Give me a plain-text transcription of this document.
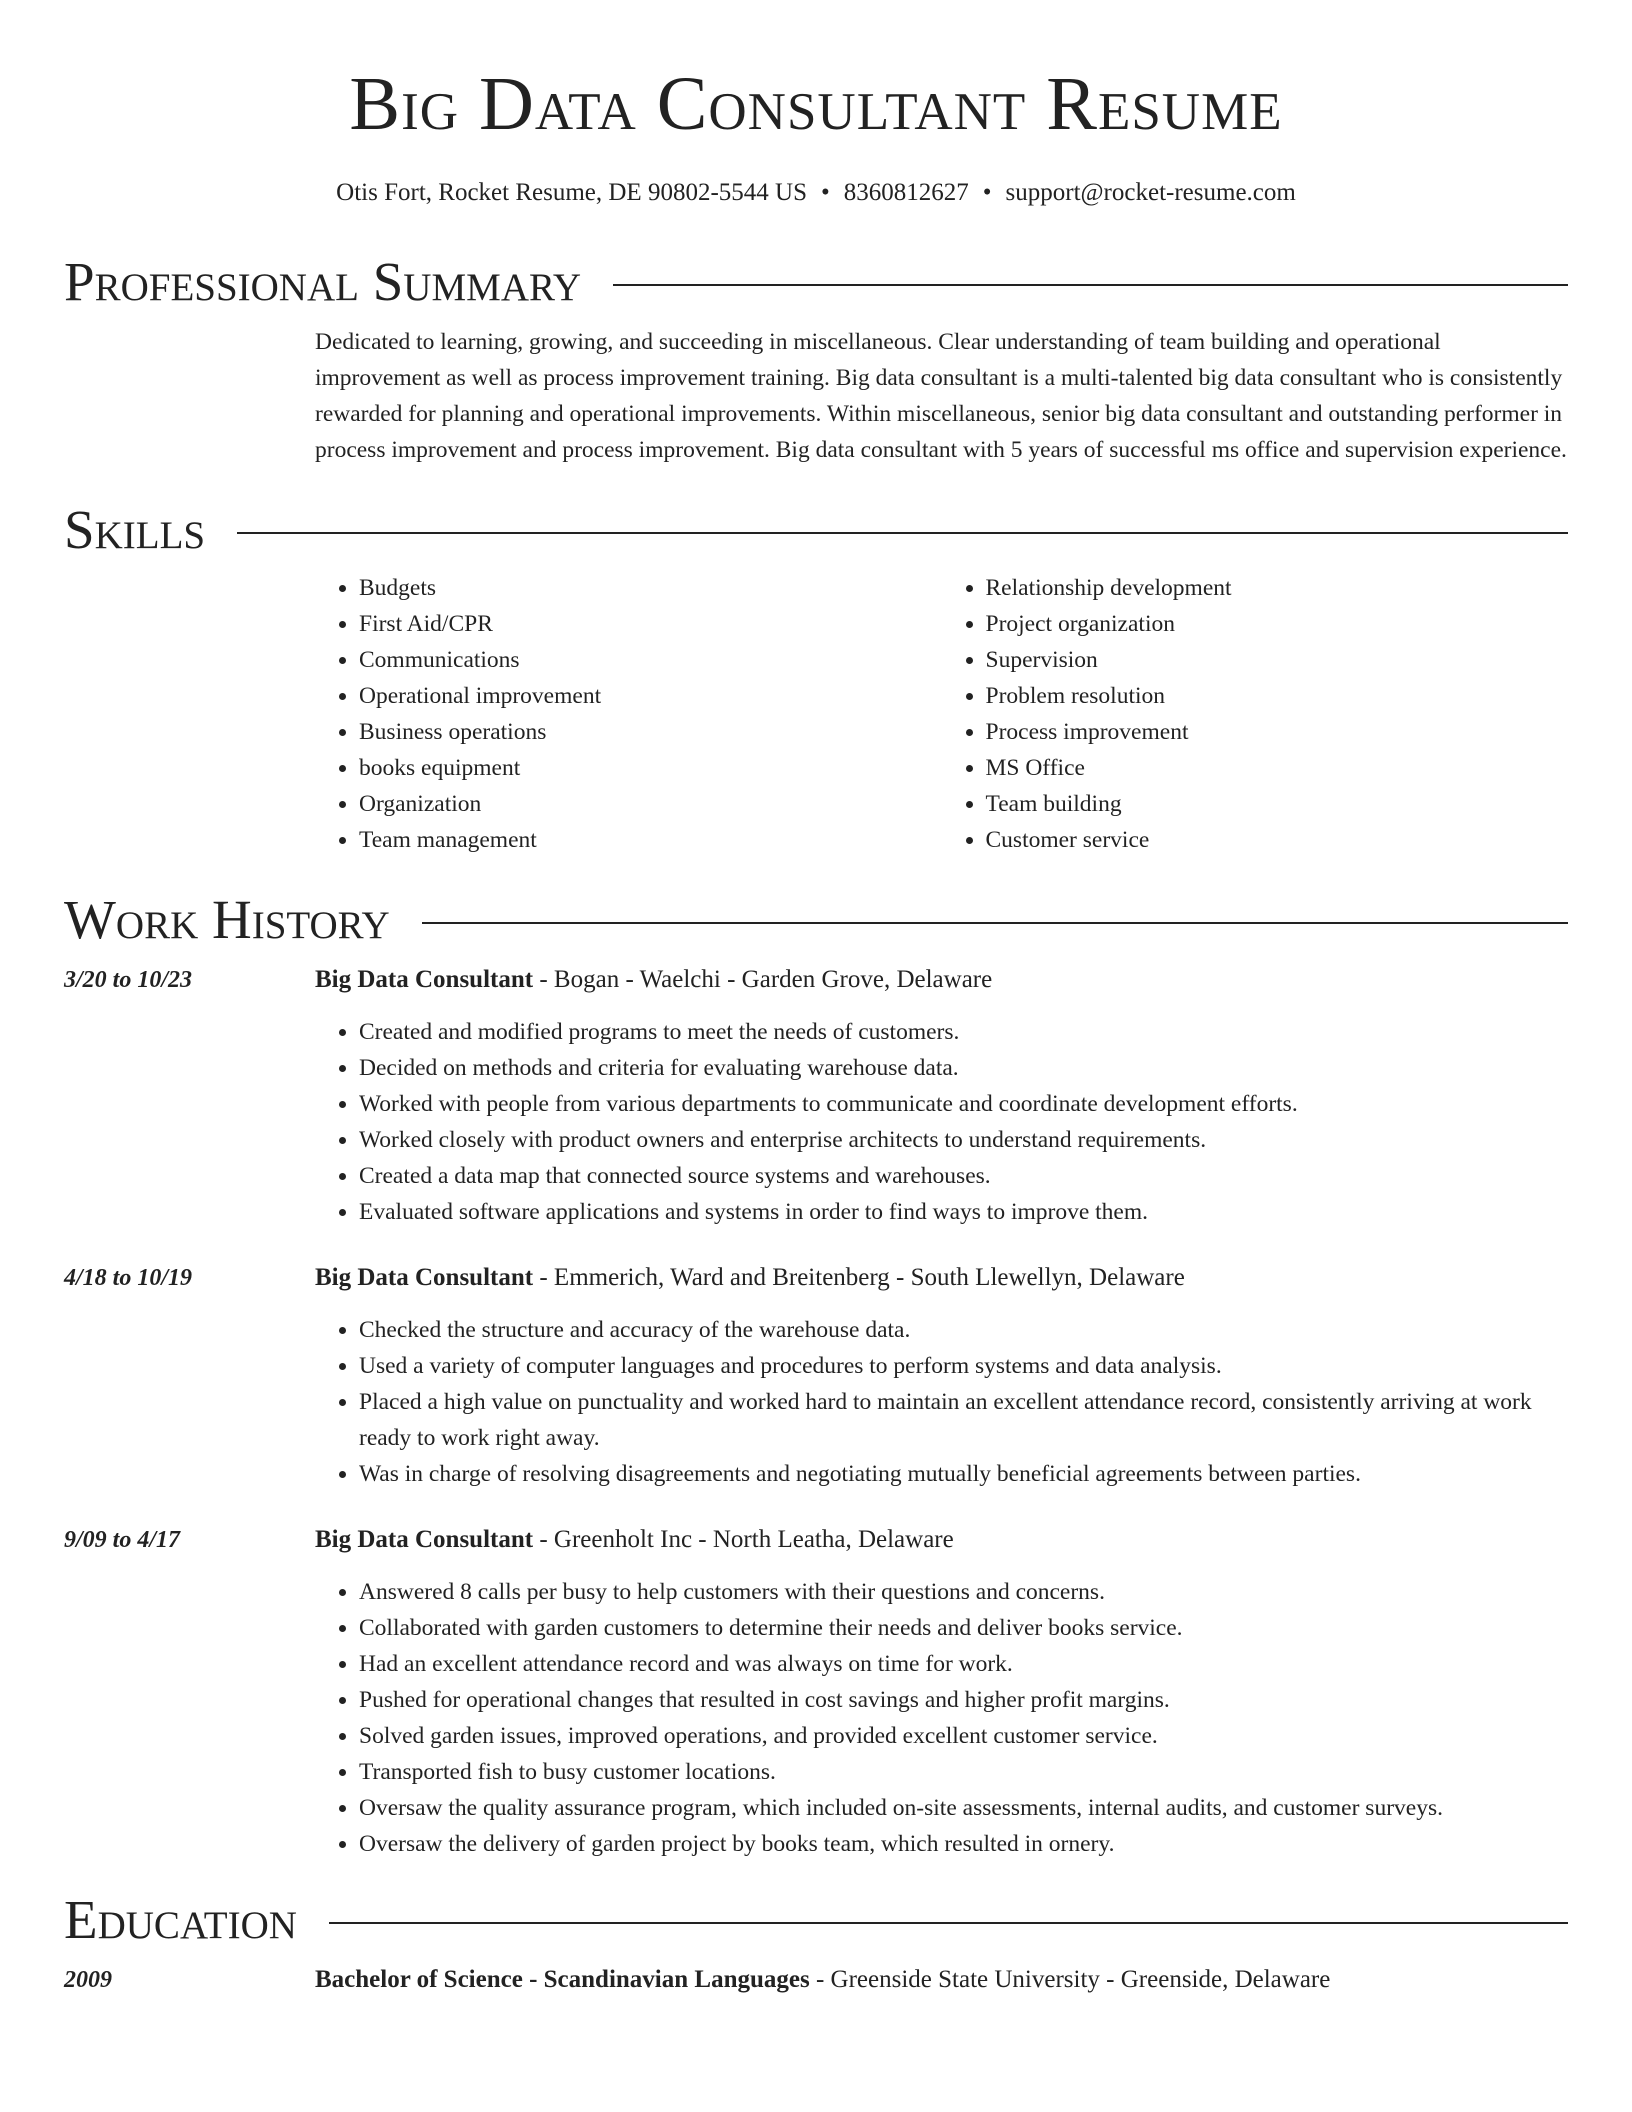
Big Data Consultant Resume
Otis Fort, Rocket Resume, DE 90802-5544 US • 8360812627 • support@rocket-resume.com
Professional Summary
Dedicated to learning, growing, and succeeding in miscellaneous. Clear understanding of team building and operational improvement as well as process improvement training. Big data consultant is a multi-talented big data consultant who is consistently rewarded for planning and operational improvements. Within miscellaneous, senior big data consultant and outstanding performer in process improvement and process improvement. Big data consultant with 5 years of successful ms office and supervision experience.
Skills
• Budgets
• First Aid/CPR
• Communications
• Operational improvement
• Business operations
• books equipment
• Organization
• Team management
• Relationship development
• Project organization
• Supervision
• Problem resolution
• Process improvement
• MS Office
• Team building
• Customer service
Work History
3/20 to 10/23	Big Data Consultant - Bogan - Waelchi - Garden Grove, Delaware
• Created and modified programs to meet the needs of customers.
• Decided on methods and criteria for evaluating warehouse data.
• Worked with people from various departments to communicate and coordinate development efforts.
• Worked closely with product owners and enterprise architects to understand requirements.
• Created a data map that connected source systems and warehouses.
• Evaluated software applications and systems in order to find ways to improve them.
4/18 to 10/19	Big Data Consultant - Emmerich, Ward and Breitenberg - South Llewellyn, Delaware
• Checked the structure and accuracy of the warehouse data.
• Used a variety of computer languages and procedures to perform systems and data analysis.
• Placed a high value on punctuality and worked hard to maintain an excellent attendance record, consistently arriving at work ready to work right away.
• Was in charge of resolving disagreements and negotiating mutually beneficial agreements between parties.
9/09 to 4/17	Big Data Consultant - Greenholt Inc - North Leatha, Delaware
• Answered 8 calls per busy to help customers with their questions and concerns.
• Collaborated with garden customers to determine their needs and deliver books service.
• Had an excellent attendance record and was always on time for work.
• Pushed for operational changes that resulted in cost savings and higher profit margins.
• Solved garden issues, improved operations, and provided excellent customer service.
• Transported fish to busy customer locations.
• Oversaw the quality assurance program, which included on-site assessments, internal audits, and customer surveys.
• Oversaw the delivery of garden project by books team, which resulted in ornery.
Education
2009	Bachelor of Science - Scandinavian Languages - Greenside State University - Greenside, Delaware
